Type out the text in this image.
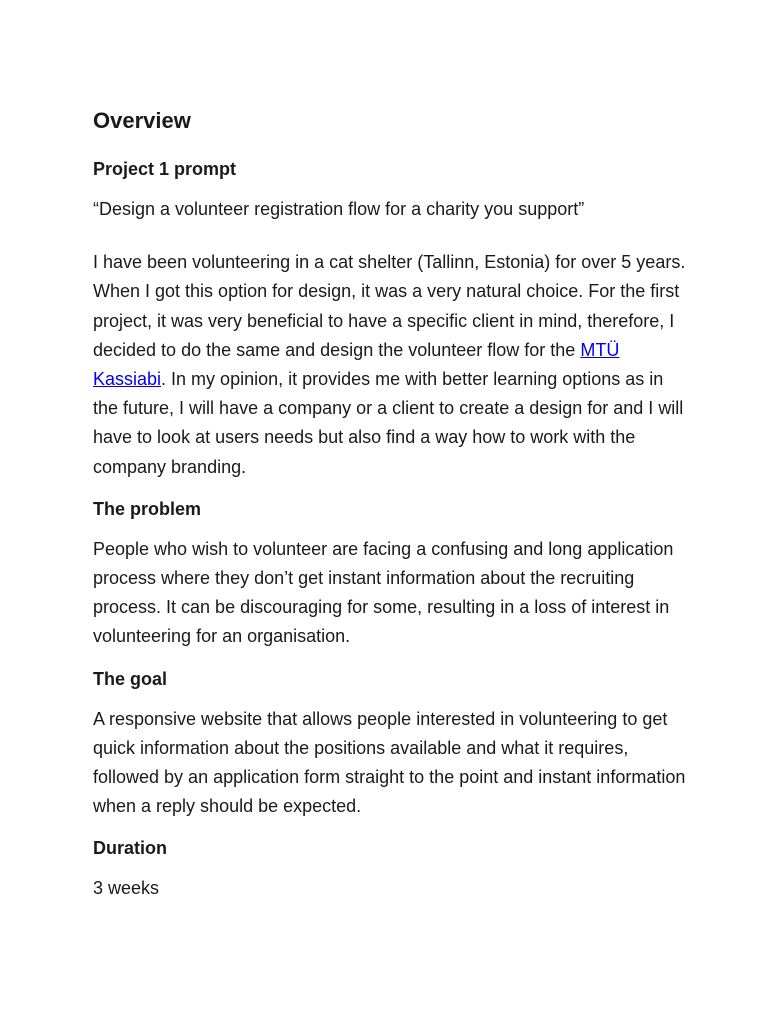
Overview
Project 1 prompt

“Design a volunteer registration flow for a charity you support”

I have been volunteering in a cat shelter (Tallinn, Estonia) for over 5 years. When I got this option for design, it was a very natural choice. For the first project, it was very beneficial to have a specific client in mind, therefore, I decided to do the same and design the volunteer flow for the MTÜ Kassiabi. In my opinion, it provides me with better learning options as in the future, I will have a company or a client to create a design for and I will have to look at users needs but also find a way how to work with the company branding.

The problem

People who wish to volunteer are facing a confusing and long application process where they don’t get instant information about the recruiting process. It can be discouraging for some, resulting in a loss of interest in volunteering for an organisation.

The goal

A responsive website that allows people interested in volunteering to get quick information about the positions available and what it requires, followed by an application form straight to the point and instant information when a reply should be expected.

Duration

3 weeks
